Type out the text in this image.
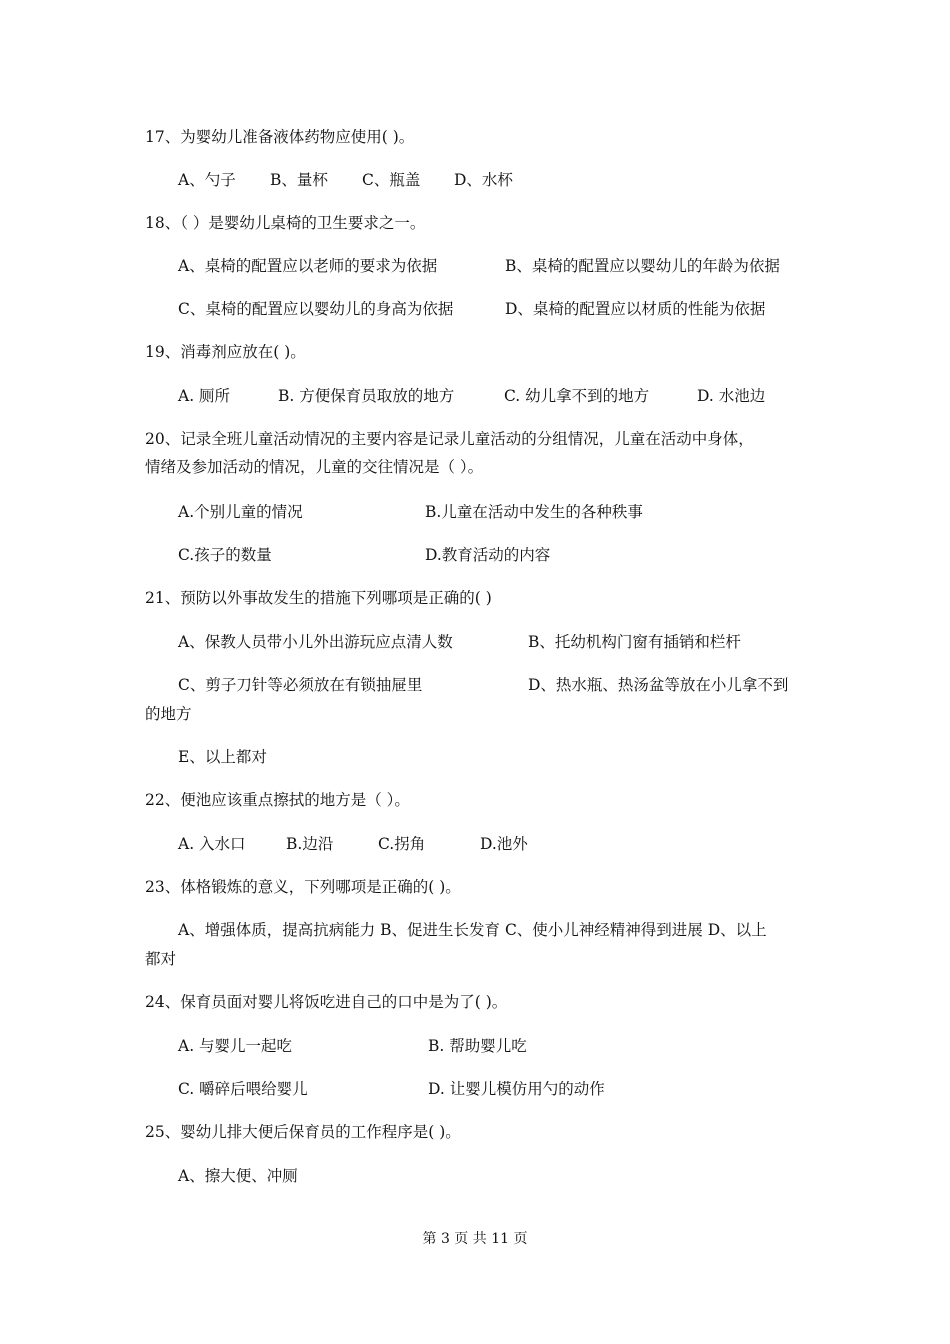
17、为婴幼儿准备液体药物应使用( )。
A、勺子 B、量杯 C、瓶盖 D、水杯
18、（ ）是婴幼儿桌椅的卫生要求之一。
A、桌椅的配置应以老师的要求为依据	B、桌椅的配置应以婴幼儿的年龄为依据
C、桌椅的配置应以婴幼儿的身高为依据	D、桌椅的配置应以材质的性能为依据
19、消毒剂应放在( )。
A. 厕所	B. 方便保育员取放的地方	C. 幼儿拿不到的地方	D. 水池边
20、记录全班儿童活动情况的主要内容是记录儿童活动的分组情况，儿童在活动中身体，
情绪及参加活动的情况，儿童的交往情况是（ ）。
A.个别儿童的情况	B.儿童在活动中发生的各种秩事
C.孩子的数量	D.教育活动的内容
21、预防以外事故发生的措施下列哪项是正确的( )
A、保教人员带小儿外出游玩应点清人数	B、托幼机构门窗有插销和栏杆
C、剪子刀针等必须放在有锁抽屉里	D、热水瓶、热汤盆等放在小儿拿不到
的地方
E、以上都对
22、便池应该重点擦拭的地方是（ ）。
A. 入水口	B.边沿	C.拐角	D.池外
23、体格锻炼的意义，下列哪项是正确的( )。
A、增强体质，提高抗病能力 B、促进生长发育 C、使小儿神经精神得到进展 D、以上
都对
24、保育员面对婴儿将饭吃进自己的口中是为了( )。
A. 与婴儿一起吃	B. 帮助婴儿吃
C. 嚼碎后喂给婴儿	D. 让婴儿模仿用勺的动作
25、婴幼儿排大便后保育员的工作程序是( )。
A、擦大便、冲厕
第 3 页 共 11 页
